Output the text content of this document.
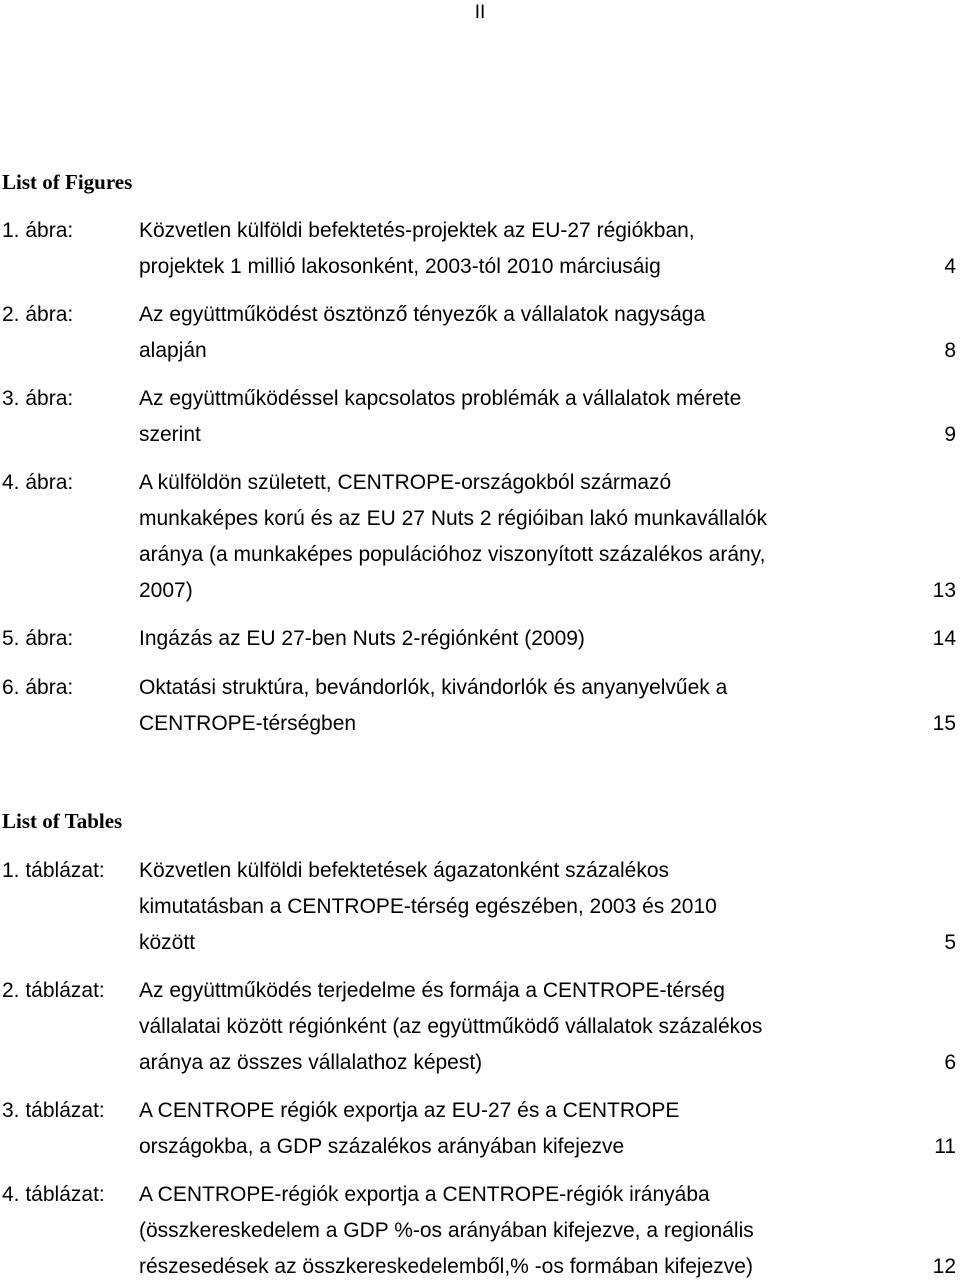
II
List of Figures
1. ábra:	Közvetlen külföldi befektetés-projektek az EU-27 régiókban,
projektek 1 millió lakosonként, 2003-tól 2010 márciusáig	4
2. ábra:	Az együttműködést ösztönző tényezők a vállalatok nagysága
alapján	8
3. ábra:	Az együttműködéssel kapcsolatos problémák a vállalatok mérete
szerint	9
4. ábra:	A külföldön született, CENTROPE-országokból származó
munkaképes korú és az EU 27 Nuts 2 régióiban lakó munkavállalók
aránya (a munkaképes populációhoz viszonyított százalékos arány,
2007)	13
5. ábra:	Ingázás az EU 27-ben Nuts 2-régiónként (2009)	14
6. ábra:	Oktatási struktúra, bevándorlók, kivándorlók és anyanyelvűek a
CENTROPE-térségben	15
List of Tables
1. táblázat: Közvetlen külföldi befektetések ágazatonként százalékos
kimutatásban a CENTROPE-térség egészében, 2003 és 2010
között	5
2. táblázat: Az együttműködés terjedelme és formája a CENTROPE-térség
vállalatai között régiónként (az együttműködő vállalatok százalékos
aránya az összes vállalathoz képest)	6
3. táblázat: A CENTROPE régiók exportja az EU-27 és a CENTROPE
országokba, a GDP százalékos arányában kifejezve	11
4. táblázat: A CENTROPE-régiók exportja a CENTROPE-régiók irányába
(összkereskedelem a GDP %-os arányában kifejezve, a regionális
részesedések az összkereskedelemből,% -os formában kifejezve)	12
